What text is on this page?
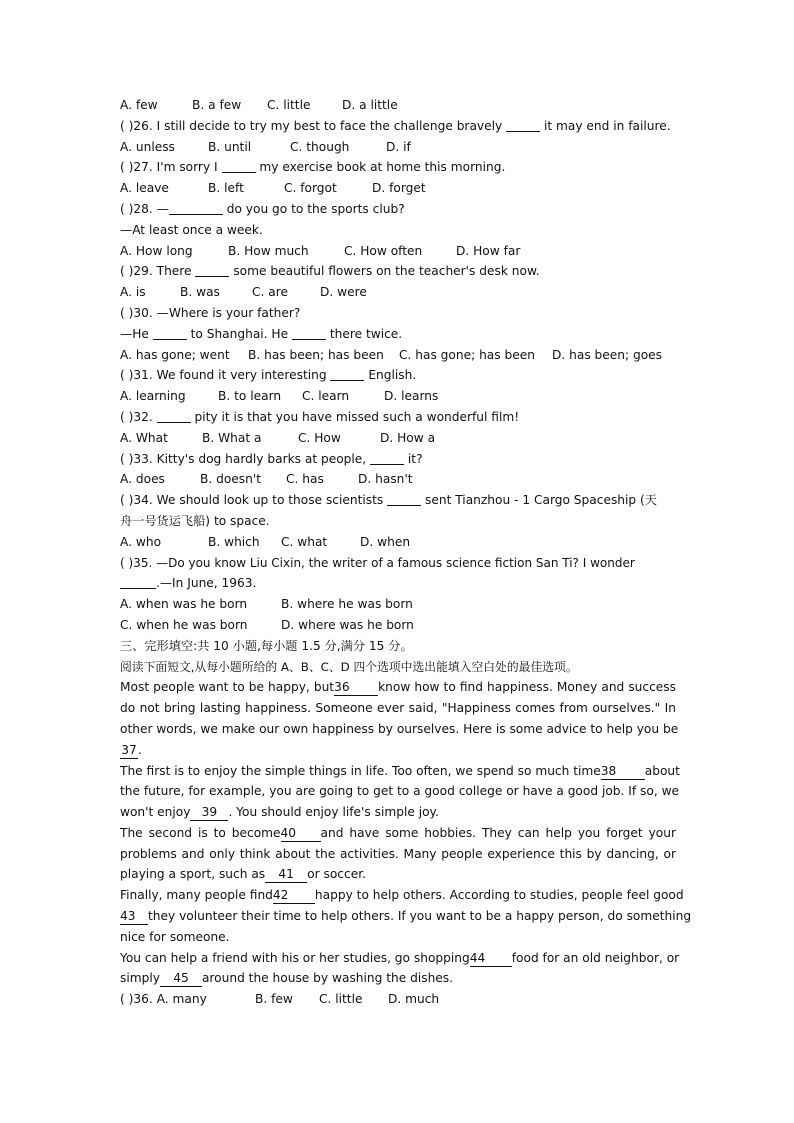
A. few	B. a few C. little	D. a little
( )26. I still decide to try my best to face the challenge bravely	it may end in failure.
A. unless	B. until	C. though	D. if
( )27. I'm sorry I	my exercise book at home this morning.
A. leave	B. left	C. forgot	D. forget
( )28. —	do you go to the sports club?
—At least once a week.
A. How long	B. How much	C. How often	D. How far
( )29. There	some beautiful flowers on the teacher's desk now.
A. is	B. was	C. are	D. were
( )30. —Where is your father?
—He	to Shanghai. He	there twice.
A. has gone; went B. has been; has been C. has gone; has been D. has been; goes
( )31. We found it very interesting	English.
A. learning	B. to learn C. learn	D. learns
( )32.	pity it is that you have missed such a wonderful film!
A. What	B. What a	C. How	D. How a
( )33. Kitty's dog hardly barks at people,	it?
A. does	B. doesn't C. has	D. hasn't
( )34. We should look up to those scientists	sent Tianzhou - 1 Cargo Spaceship (天
舟一号货运飞船) to space.
A. who	B. which C. what	D. when
( )35. —Do you know Liu Cixin, the writer of a famous science fiction San Ti? I wonder
.—In June, 1963.
A. when was he born	B. where he was born
C. when he was born	D. where was he born
三、完形填空:共 10 小题,每小题 1.5 分,满分 15 分。
阅读下面短文,从每小题所给的 A、B、C、D 四个选项中选出能填入空白处的最佳选项。
Most people want to be happy, but36 know how to find happiness. Money and success
do not bring lasting happiness. Someone ever said, "Happiness comes from ourselves." In
other words, we make our own happiness by ourselves. Here is some advice to help you be
37.
The first is to enjoy the simple things in life. Too often, we spend so much time38 about
the future, for example, you are going to get to a good college or have a good job. If so, we
won't enjoy 39 . You should enjoy life's simple joy.
The second is to become40 and have some hobbies. They can help you forget your
problems and only think about the activities. Many people experience this by dancing, or
playing a sport, such as 41 or soccer.
Finally, many people find42 happy to help others. According to studies, people feel good
43 they volunteer their time to help others. If you want to be a happy person, do something
nice for someone.
You can help a friend with his or her studies, go shopping44 food for an old neighbor, or
simply 45 around the house by washing the dishes.
( )36. A. many	B. few C. little D. much
